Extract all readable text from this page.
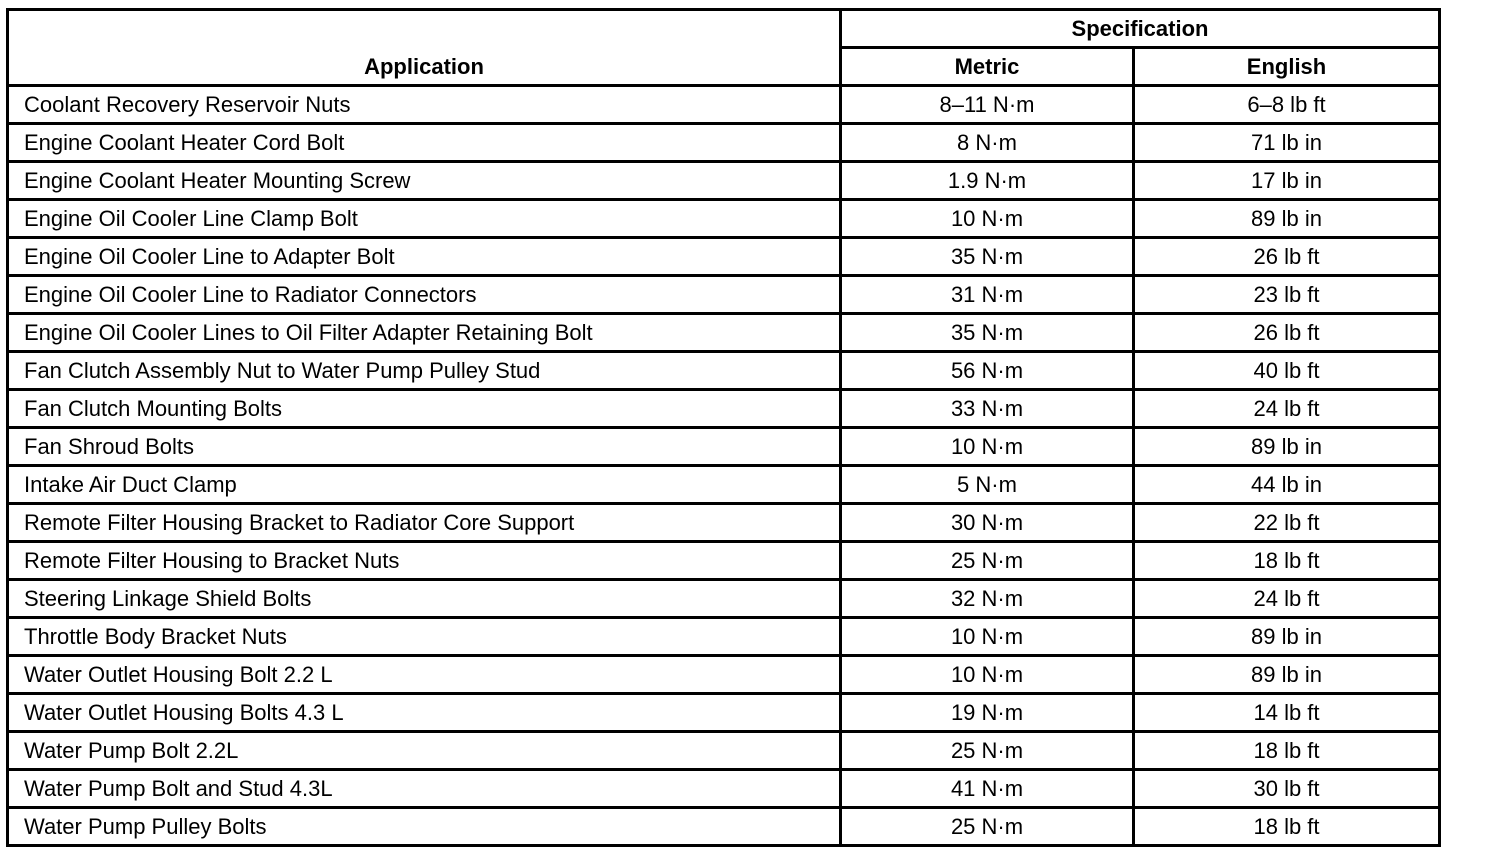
Application	Specification	
	Metric	English
Coolant Recovery Reservoir Nuts	8–11 N·m	6–8 lb ft
Engine Coolant Heater Cord Bolt	8 N·m	71 lb in
Engine Coolant Heater Mounting Screw	1.9 N·m	17 lb in
Engine Oil Cooler Line Clamp Bolt	10 N·m	89 lb in
Engine Oil Cooler Line to Adapter Bolt	35 N·m	26 lb ft
Engine Oil Cooler Line to Radiator Connectors	31 N·m	23 lb ft
Engine Oil Cooler Lines to Oil Filter Adapter Retaining Bolt	35 N·m	26 lb ft
Fan Clutch Assembly Nut to Water Pump Pulley Stud	56 N·m	40 lb ft
Fan Clutch Mounting Bolts	33 N·m	24 lb ft
Fan Shroud Bolts	10 N·m	89 lb in
Intake Air Duct Clamp	5 N·m	44 lb in
Remote Filter Housing Bracket to Radiator Core Support	30 N·m	22 lb ft
Remote Filter Housing to Bracket Nuts	25 N·m	18 lb ft
Steering Linkage Shield Bolts	32 N·m	24 lb ft
Throttle Body Bracket Nuts	10 N·m	89 lb in
Water Outlet Housing Bolt 2.2 L	10 N·m	89 lb in
Water Outlet Housing Bolts 4.3 L	19 N·m	14 lb ft
Water Pump Bolt 2.2L	25 N·m	18 lb ft
Water Pump Bolt and Stud 4.3L	41 N·m	30 lb ft
Water Pump Pulley Bolts	25 N·m	18 lb ft
